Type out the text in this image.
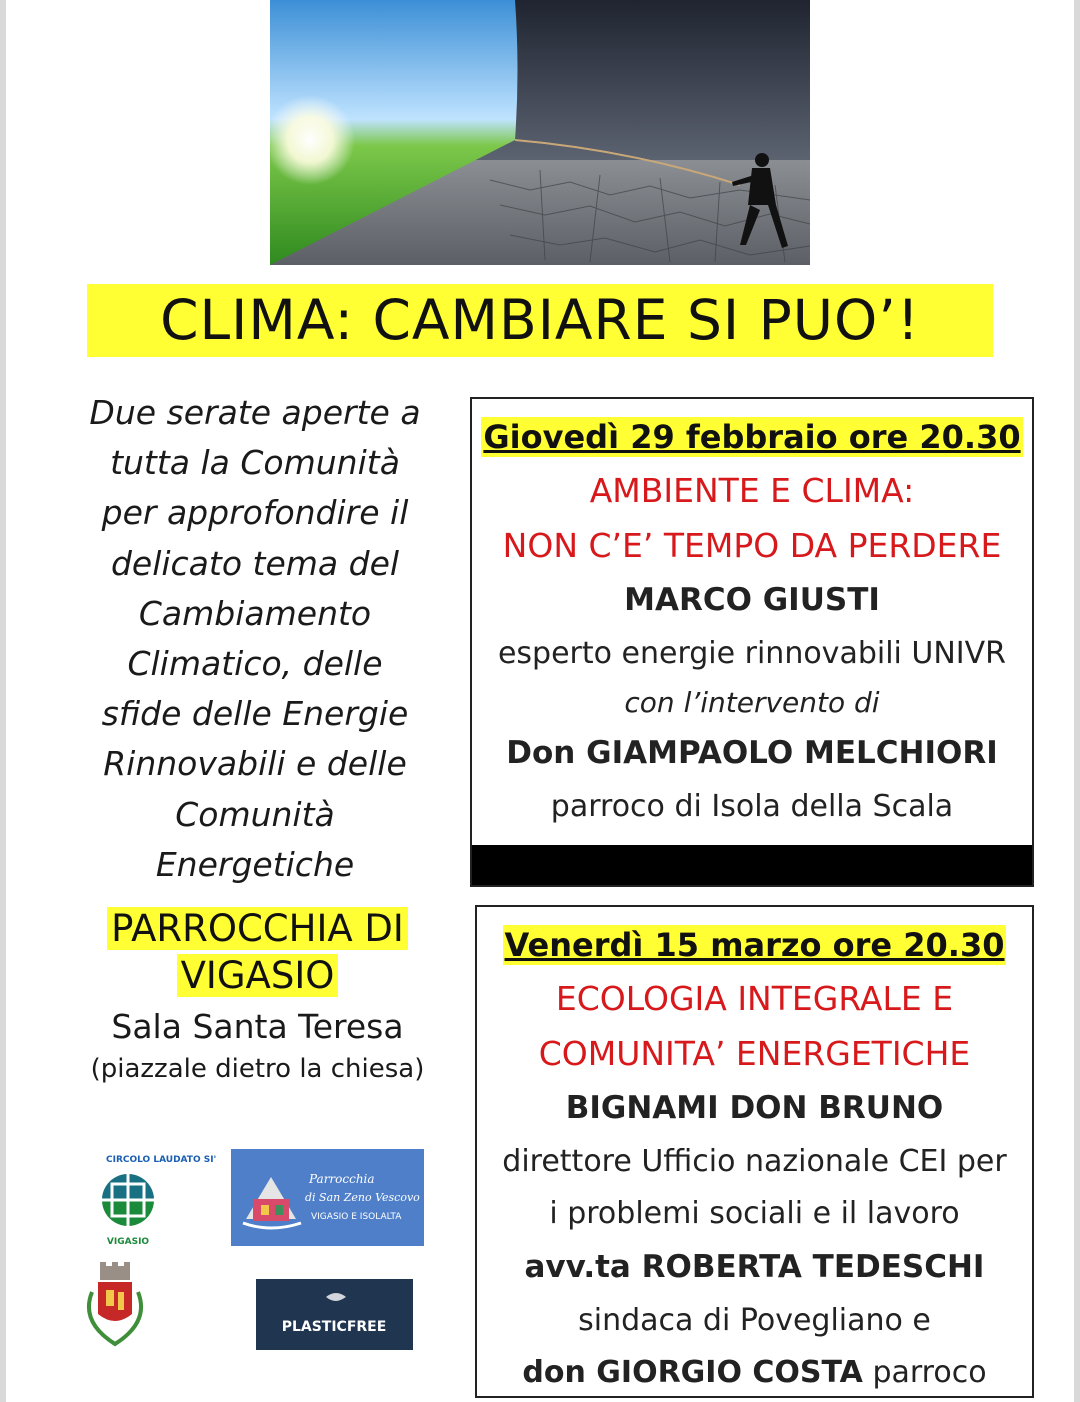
CLIMA: CAMBIARE SI PUO’!
Due serate aperte a
tutta la Comunità
per approfondire il
delicato tema del
Cambiamento
Climatico, delle
sfide delle Energie
Rinnovabili e delle
Comunità
Energetiche
PARROCCHIA DI
VIGASIO
Sala Santa Teresa
(piazzale dietro la chiesa)
Giovedì 29 febbraio ore 20.30
AMBIENTE E CLIMA:
NON C’E’ TEMPO DA PERDERE
MARCO GIUSTI
esperto energie rinnovabili UNIVR
con l’intervento di
Don GIAMPAOLO MELCHIORI
parroco di Isola della Scala
Venerdì 15 marzo ore 20.30
ECOLOGIA INTEGRALE E
COMUNITA’ ENERGETICHE
BIGNAMI DON BRUNO
direttore Ufficio nazionale CEI per
i problemi sociali e il lavoro
avv.ta ROBERTA TEDESCHI
sindaca di Povegliano e
don GIORGIO COSTA parroco
CIRCOLO LAUDATO SI'
VIGASIO
Parrocchia
di San Zeno Vescovo
VIGASIO E ISOLALTA
PLASTICFREE
